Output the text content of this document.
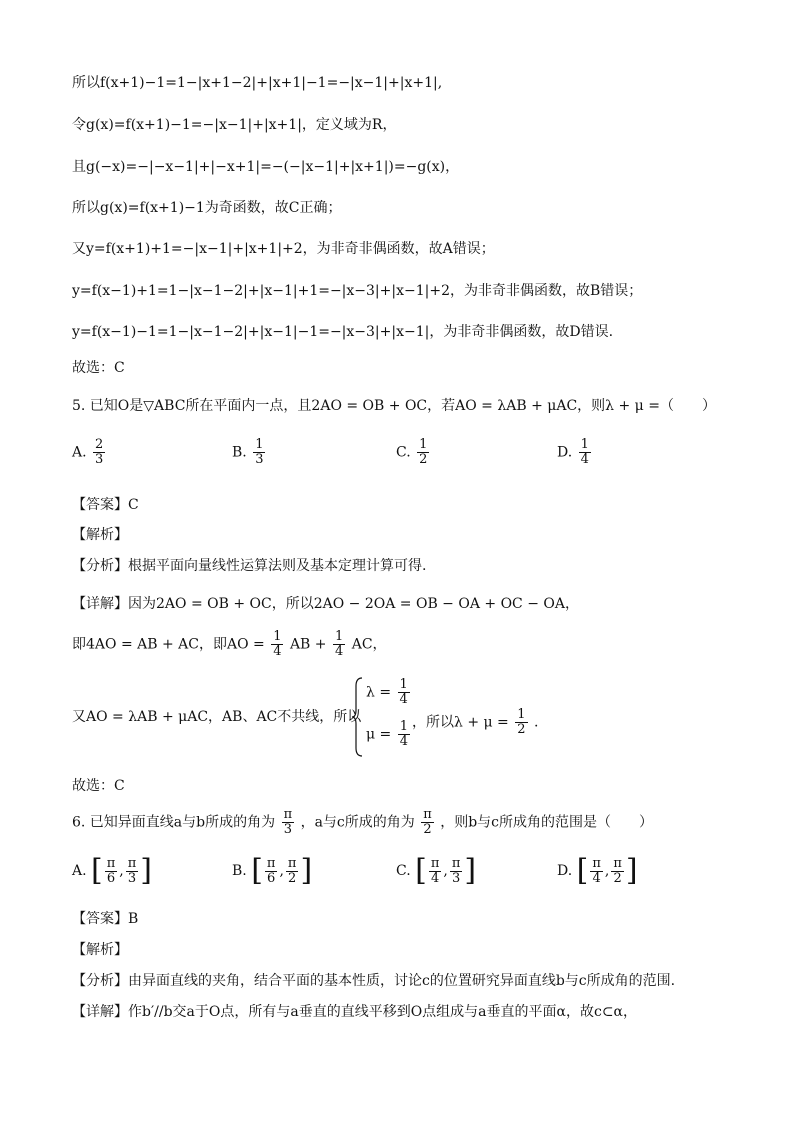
所以f(x+1)−1=1−|x+1−2|+|x+1|−1=−|x−1|+|x+1|,
令g(x)=f(x+1)−1=−|x−1|+|x+1|，定义域为R，
且g(−x)=−|−x−1|+|−x+1|=−(−|x−1|+|x+1|)=−g(x)，
所以g(x)=f(x+1)−1为奇函数，故C正确；
又y=f(x+1)+1=−|x−1|+|x+1|+2，为非奇非偶函数，故A错误；
y=f(x−1)+1=1−|x−1−2|+|x−1|+1=−|x−3|+|x−1|+2，为非奇非偶函数，故B错误；
y=f(x−1)−1=1−|x−1−2|+|x−1|−1=−|x−3|+|x−1|，为非奇非偶函数，故D错误.
故选：C
5. 已知O是▽ABC所在平面内一点，且2AO = OB + OC，若AO = λAB + μAC，则λ + μ =（　　）
A. $\frac{2}{3}$	B. $\frac{1}{3}$	C. $\frac{1}{2}$	D. $\frac{1}{4}$
【答案】C
【解析】
【分析】根据平面向量线性运算法则及基本定理计算可得.
【详解】因为2AO = OB + OC，所以2AO − 2OA = OB − OA + OC − OA，
即4AO = AB + AC，即AO = $\frac{1}{4}$ AB + $\frac{1}{4}$ AC，
又AO = λAB + μAC，AB、AC不共线，所以
$\lambda = \frac{1}{4}$
$\mu = \frac{1}{4}$ ，所以$\lambda + \mu = \frac{1}{2}$ .
故选：C
6. 已知异面直线a与b所成的角为 $\frac{\pi}{3}$ ，a与c所成的角为 $\frac{\pi}{2}$ ，则b与c所成角的范围是（　　）
A. [ $\frac{\pi}{6}$ , $\frac{\pi}{3}$ ]	B. [ $\frac{\pi}{6}$ , $\frac{\pi}{2}$ ]	C. [ $\frac{\pi}{4}$ , $\frac{\pi}{3}$ ]	D. [ $\frac{\pi}{4}$ , $\frac{\pi}{2}$ ]
【答案】B
【解析】
【分析】由异面直线的夹角，结合平面的基本性质，讨论c的位置研究异面直线b与c所成角的范围.
【详解】作b′//b交a于O点，所有与a垂直的直线平移到O点组成与a垂直的平面α，故c⊂α，
